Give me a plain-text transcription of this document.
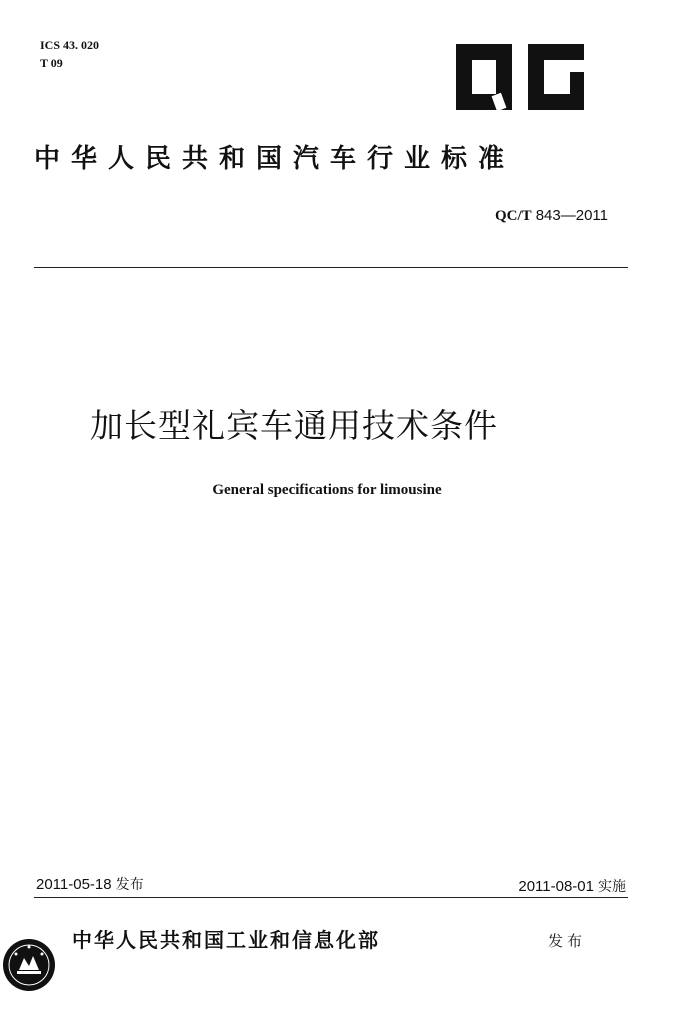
ICS 43. 020

T 09

中华人民共和国汽车行业标准
QC/T 843—2011
加长型礼宾车通用技术条件

General specifications for limousine

2011-05-18 发布	2011-08-01 实施
中华人民共和国工业和信息化部	发布
